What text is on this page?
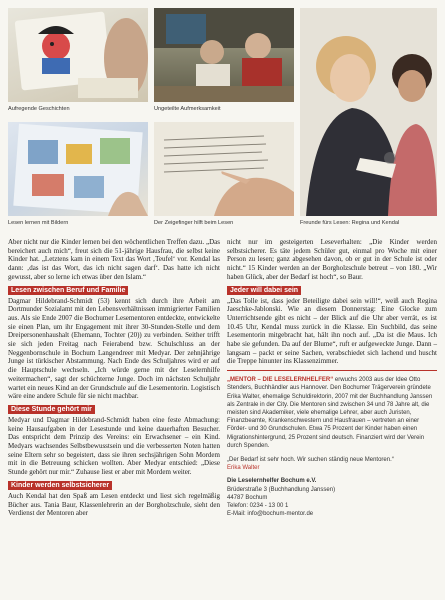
Aufregende Geschichten	Ungeteilte Aufmerksamkeit
Lesen lernen mit Bildern	Der Zeigefinger hilft beim Lesen	Freunde fürs Lesen: Regina und Kendal

Aber nicht nur die Kinder lernen bei den wöchentlichen Treffen dazu. „Das bereichert auch mich“, freut sich die 51-jährige Hausfrau, die selbst keine Kinder hat. „Letztens kam in einem Text das Wort ‚Teufel‘ vor. Kendal las dann: ‚das ist das Wort, das ich nicht sagen darf‘. Das hatte ich nicht gewusst, aber so lerne ich etwas über den Islam.“

Lesen zwischen Beruf und Familie

Dagmar Hildebrand-Schmidt (53) kennt sich durch ihre Arbeit am Dortmunder Sozialamt mit den Lebensverhältnissen immigrierter Familien aus. Als sie Ende 2007 die Bochumer Lesementoren entdeckte, entwickelte sie einen Plan, um ihr Engagement mit ihrer 30-Stunden-Stelle und dem Dreipersonenhaushalt (Ehemann, Tochter (20)) zu verbinden. Seither trifft sie sich jeden Freitag nach Feierabend bzw. Schulschluss an der Neggenbornschule in Bochum Langendreer mit Medyar. Der zehnjährige Junge ist türkischer Abstammung. Nach Ende des Schuljahres wird er auf die Hauptschule wechseln. „Ich würde gerne mit der Leselernhilfe weitermachen“, sagt der schüchterne Junge. Doch im nächsten Schuljahr wartet ein neues Kind an der Grundschule auf die Lesementorin. Logistisch wäre eine andere Schule für sie nicht machbar.

Diese Stunde gehört mir

Medyar und Dagmar Hildebrand-Schmidt haben eine feste Abmachung: keine Hausaufgaben in der Lesestunde und keine dauerhaften Besucher. Das entspricht dem Prinzip des Vereins: ein Erwachsener – ein Kind. Medyars wachsendes Selbstbewusstsein und die verbesserten Noten hatten seine Eltern sehr so begeistert, dass sie ihren sechsjährigen Sohn Mordem mit in die Betreuung schicken wollten. Aber Medyar entschied: „Diese Stunde gehört nur mir.“ Zuhause liest er aber mit Mordem weiter.

Kinder werden selbstsicherer

Auch Kendal hat den Spaß am Lesen entdeckt und liest sich regelmäßig Bücher aus. Tania Baur, Klassenlehrerin an der Borgholzschule, sieht den Verdienst der Mentoren aber

nicht nur im gesteigerten Leseverhalten: „Die Kinder werden selbstsicherer. Es täte jedem Schüler gut, einmal pro Woche mit einer Person zu lesen; ganz abgesehen davon, ob er gut in der Schule ist oder nicht.“ 15 Kinder werden an der Borgholzschule betreut – von 180. „Wir haben Glück, aber der Bedarf ist hoch“, so Baur.

Jeder will dabei sein

„Das Tolle ist, dass jeder Beteiligte dabei sein will!“, weiß auch Regina Jaeschke-Jablonski. Wie an diesem Donnerstag: Eine Glocke zum Unterrichtsende gibt es nicht – der Blick auf die Uhr aber verrät, es ist 10.45 Uhr, Kendal muss zurück in die Klasse. Ein Suchbild, das seine Lesementorin mitgebracht hat, hält ihn noch auf. „Da ist die Maus. Ich habe sie gefunden. Da auf der Blume“, ruft er aufgeweckte Junge. Dann – langsam – packt er seine Sachen, verabschiedet sich lachend und huscht die Treppe hinunter ins Klassenzimmer.

„MENTOR – DIE LESELERNHELFER“ erwuchs 2003 aus der Idee Otto Stenders, Buchhändler aus Hannover. Den Bochumer Trägerverein gründete Erika Walter, ehemalige Schuldirektorin, 2007 mit der Buchhandlung Janssen als Zentrale in der City. Die Mentoren sind zwischen 34 und 78 Jahre alt, die meisten sind Akademiker, viele ehemalige Lehrer, aber auch Juristen, Finanzbeamte, Krankenschwestern und Hausfrauen – vertreten an einer Förder- und 30 Grundschulen. Etwa 75 Prozent der Kinder haben einen Migrationshintergrund, 25 Prozent sind deutsch. Finanziert wird der Verein durch Spenden.
„Der Bedarf ist sehr hoch. Wir suchen ständig neue Mentoren.“
Erika Walter
Die Leselernhelfer Bochum e.V.
Brüderstraße 3 (Buchhandlung Janssen)
44787 Bochum
Telefon: 0234 - 13 00 1
E-Mail: info@bochum-mentor.de
